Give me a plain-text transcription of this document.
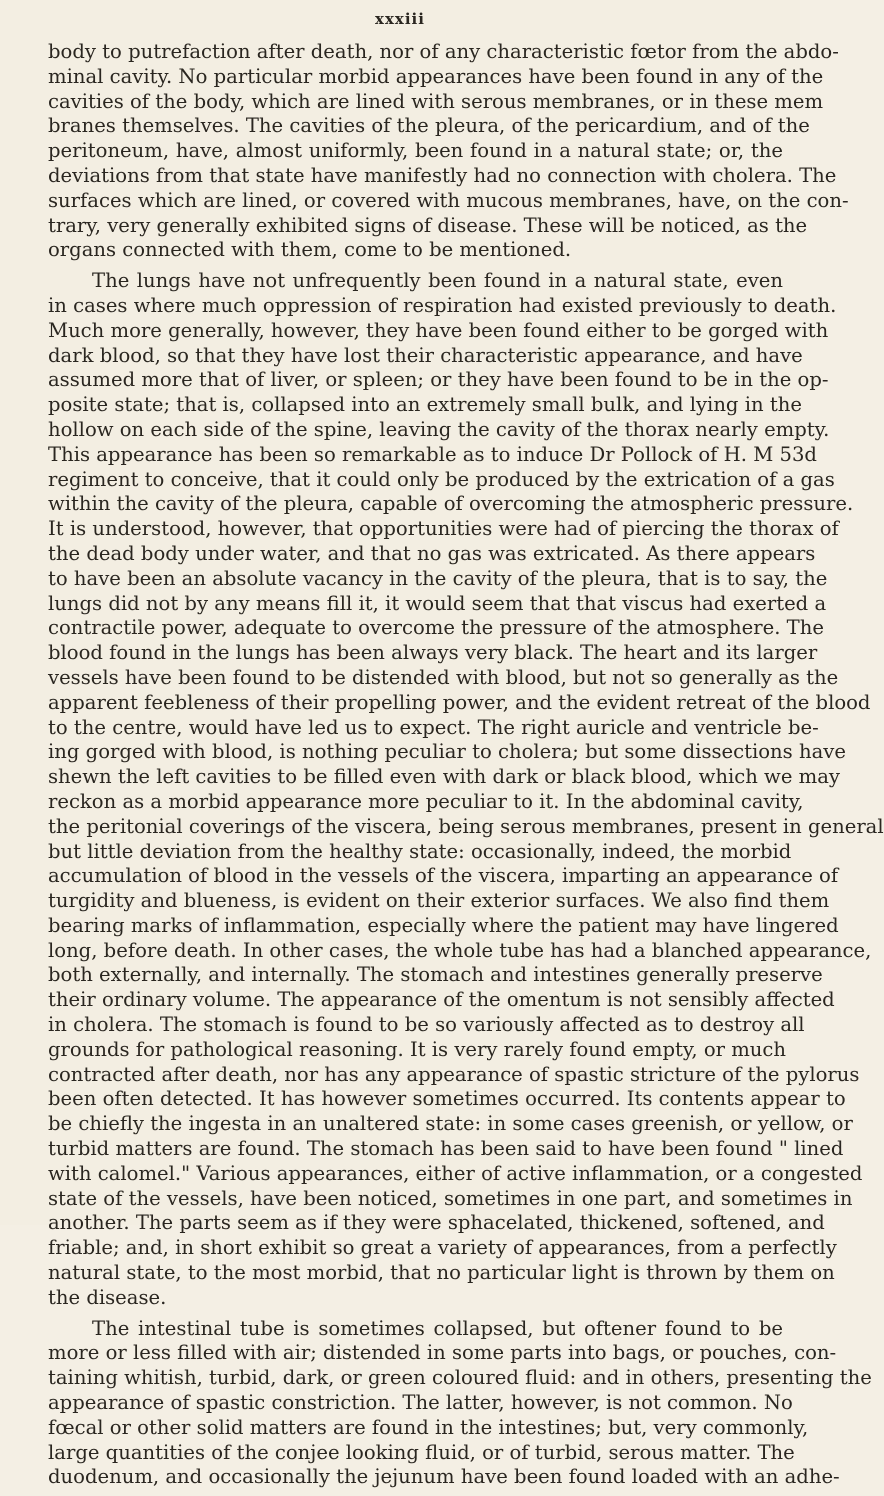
xxxiii
body to putrefaction after death, nor of any characteristic fœtor from the abdo-
minal cavity. No particular morbid appearances have been found in any of the
cavities of the body, which are lined with serous membranes, or in these mem
branes themselves. The cavities of the pleura, of the pericardium, and of the
peritoneum, have, almost uniformly, been found in a natural state; or, the
deviations from that state have manifestly had no connection with cholera. The
surfaces which are lined, or covered with mucous membranes, have, on the con-
trary, very generally exhibited signs of disease. These will be noticed, as the
organs connected with them, come to be mentioned.
The lungs have not unfrequently been found in a natural state, even
in cases where much oppression of respiration had existed previously to death.
Much more generally, however, they have been found either to be gorged with
dark blood, so that they have lost their characteristic appearance, and have
assumed more that of liver, or spleen; or they have been found to be in the op-
posite state; that is, collapsed into an extremely small bulk, and lying in the
hollow on each side of the spine, leaving the cavity of the thorax nearly empty.
This appearance has been so remarkable as to induce Dr Pollock of H. M 53d
regiment to conceive, that it could only be produced by the extrication of a gas
within the cavity of the pleura, capable of overcoming the atmospheric pressure.
It is understood, however, that opportunities were had of piercing the thorax of
the dead body under water, and that no gas was extricated. As there appears
to have been an absolute vacancy in the cavity of the pleura, that is to say, the
lungs did not by any means fill it, it would seem that that viscus had exerted a
contractile power, adequate to overcome the pressure of the atmosphere. The
blood found in the lungs has been always very black. The heart and its larger
vessels have been found to be distended with blood, but not so generally as the
apparent feebleness of their propelling power, and the evident retreat of the blood
to the centre, would have led us to expect. The right auricle and ventricle be-
ing gorged with blood, is nothing peculiar to cholera; but some dissections have
shewn the left cavities to be filled even with dark or black blood, which we may
reckon as a morbid appearance more peculiar to it. In the abdominal cavity,
the peritonial coverings of the viscera, being serous membranes, present in general
but little deviation from the healthy state: occasionally, indeed, the morbid
accumulation of blood in the vessels of the viscera, imparting an appearance of
turgidity and blueness, is evident on their exterior surfaces. We also find them
bearing marks of inflammation, especially where the patient may have lingered
long, before death. In other cases, the whole tube has had a blanched appearance,
both externally, and internally. The stomach and intestines generally preserve
their ordinary volume. The appearance of the omentum is not sensibly affected
in cholera. The stomach is found to be so variously affected as to destroy all
grounds for pathological reasoning. It is very rarely found empty, or much
contracted after death, nor has any appearance of spastic stricture of the pylorus
been often detected. It has however sometimes occurred. Its contents appear to
be chiefly the ingesta in an unaltered state: in some cases greenish, or yellow, or
turbid matters are found. The stomach has been said to have been found " lined
with calomel." Various appearances, either of active inflammation, or a congested
state of the vessels, have been noticed, sometimes in one part, and sometimes in
another. The parts seem as if they were sphacelated, thickened, softened, and
friable; and, in short exhibit so great a variety of appearances, from a perfectly
natural state, to the most morbid, that no particular light is thrown by them on
the disease.
The intestinal tube is sometimes collapsed, but oftener found to be
more or less filled with air; distended in some parts into bags, or pouches, con-
taining whitish, turbid, dark, or green coloured fluid: and in others, presenting the
appearance of spastic constriction. The latter, however, is not common. No
fœcal or other solid matters are found in the intestines; but, very commonly,
large quantities of the conjee looking fluid, or of turbid, serous matter. The
duodenum, and occasionally the jejunum have been found loaded with an adhe-
